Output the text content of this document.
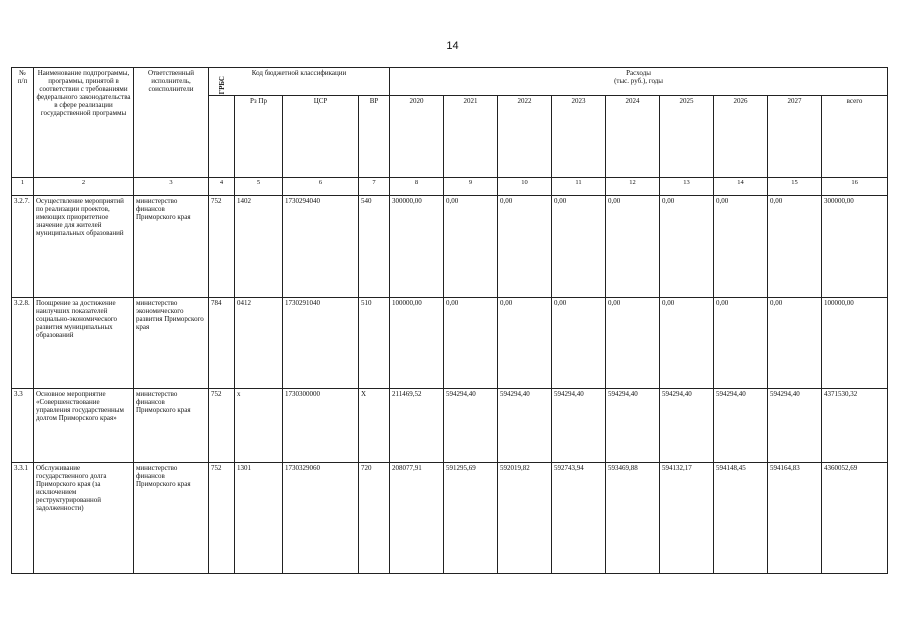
14
№
п/п	Наименование подпрограммы, программы, принятой в соответствии с требованиями федерального законодательства в сфере реализации государственной программы	Ответственный исполнитель, соисполнители	Код бюджетной классификации				Расходы
(тыс. руб.), годы									

			ГРБС	Рз Пр	ЦСР	ВР	2020	2021	2022	2023	2024	2025	2026	2027	всего	
1	2	3	4	5	6	7	8	9	10	11	12	13	14	15	16	
3.2.7.	Осуществление мероприятий по реализации проектов, имеющих приоритетное значение для жителей муниципальных образований	министерство финансов Приморского края	752	1402	1730294040	540	300000,00	0,00	0,00	0,00	0,00	0,00	0,00	0,00	300000,00	
3.2.8.	Поощрение за достижение наилучших показателей социально-экономического развития муниципальных образований	министерство экономического развития Приморского края	784	0412	1730291040	510	100000,00	0,00	0,00	0,00	0,00	0,00	0,00	0,00	100000,00	
3.3	Основное мероприятие «Совершенствование управления государственным долгом Приморского края»	министерство финансов Приморского края	752	х	1730300000	Х	211469,52	594294,40	594294,40	594294,40	594294,40	594294,40	594294,40	594294,40	4371530,32	
3.3.1	Обслуживание государственного долга Приморского края (за исключением реструктурированной задолженности)	министерство финансов Приморского края	752	1301	1730329060	720	208077,91	591295,69	592019,82	592743,94	593469,88	594132,17	594148,45	594164,83	4360052,69	
